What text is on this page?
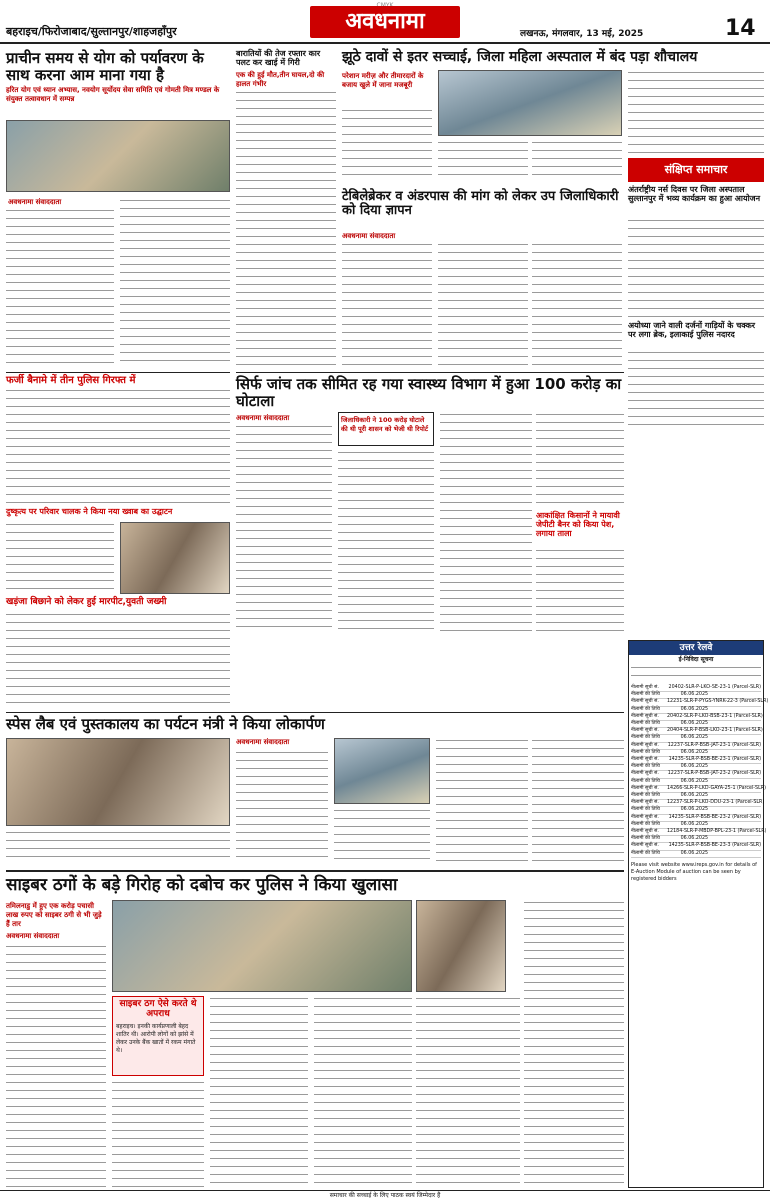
बहराइच/फिरोजाबाद/सुल्तानपुर/शाहजहाँपुर	अवधनामा	लखनऊ, मंगलवार, 13 मई, 2025	14
प्राचीन समय से योग को पर्यावरण के साथ करना आम माना गया है
हरित योग एवं ध्यान अभ्यास, नवयोग सूर्योदय सेवा समिति एवं गोमती मित्र मण्डल के संयुक्त तत्वावधान में सम्पन्न
अवधनामा संवाददाता
बारातियों की तेज रफ्तार कार पलट कर खाई में गिरी
एक की हुई मौत,तीन घायल,दो की हालत गंभीर
झूठे दावों से इतर सच्चाई, जिला महिला अस्पताल में बंद पड़ा शौचालय
परेशान मरीज़ और तीमारदारों के बजाय खुले में जाना मजबूरी
संक्षिप्त समाचार
अंतर्राष्ट्रीय नर्स दिवस पर जिला अस्पताल सुल्तानपुर में भव्य कार्यक्रम का हुआ आयोजन
अयोध्या जाने वाली दर्जनों गाड़ियों के चक्कर पर लगा ब्रेक, इलाकाई पुलिस नदारद
टेबिलेब्रेकर व अंडरपास की मांग को लेकर उप जिलाधिकारी को दिया ज्ञापन
अवधनामा संवाददाता
फर्जी बैनामे में तीन पुलिस गिरफ्त में
दुष्कृत्य पर परिवार चालक ने किया नया ख्वाब का उद्घाटन
खड़ंजा बिछाने को लेकर हुई मारपीट,युवती जख्मी
सिर्फ जांच तक सीमित रह गया स्वास्थ्य विभाग में हुआ 100 करोड़ का घोटाला
अवधनामा संवाददाता	जिलाधिकारी ने 100 करोड़ घोटाले की थी पूरी शासन को भेजी थी रिपोर्ट
आकांक्षित किसानों ने मायावी जेपीटी बैनर को किया पेश, लगाया ताला
उत्तर रेलवे
ई-निविदा सूचना
नीलामी सूची सं.	20402-SLR-P-LKO-SE-23-1 (Parcel-SLR)
नीलामी की तिथि	06.06.2025
नीलामी सूची सं.	12231-SLR-P-PYGS-YNRK-22-3 (Parcel-SLR)
नीलामी की तिथि	06.06.2025
नीलामी सूची सं.	20402-SLR-P-LKO-BSB-23-1 (Parcel-SLR)
नीलामी की तिथि	06.06.2025
नीलामी सूची सं.	20404-SLR-P-BSB-LKO-23-1 (Parcel-SLR)
नीलामी की तिथि	06.06.2025
नीलामी सूची सं.	12237-SLR-P-BSB-JAT-23-1 (Parcel-SLR)
नीलामी की तिथि	06.06.2025
नीलामी सूची सं.	14235-SLR-P-BSB-BE-23-1 (Parcel-SLR)
नीलामी की तिथि	06.06.2025
नीलामी सूची सं.	12237-SLR-P-BSB-JAT-23-2 (Parcel-SLR)
नीलामी की तिथि	06.06.2025
नीलामी सूची सं.	14266-SLR-P-LKD-GAYA-25-1 (Parcel-SLR)
नीलामी की तिथि	06.06.2025
नीलामी सूची सं.	12237-SLR-P-LKO-DDU-23-1 (Parcel-SLR)
नीलामी की तिथि	06.06.2025
नीलामी सूची सं.	14235-SLR-P-BSB-BE-23-2 (Parcel-SLR)
नीलामी की तिथि	06.06.2025
नीलामी सूची सं.	12184-SLR-P-MBDP-BPL-23-1 (Parcel-SLR)
नीलामी की तिथि	06.06.2025
नीलामी सूची सं.	14235-SLR-P-BSB-BE-23-3 (Parcel-SLR)
नीलामी की तिथि	06.06.2025
Please visit website www.ireps.gov.in for details of E-Auction Module of auction can be seen by registered bidders
स्पेस लैब एवं पुस्तकालय का पर्यटन मंत्री ने किया लोकार्पण
अवधनामा संवाददाता
साइबर ठगों के बड़े गिरोह को दबोच कर पुलिस ने किया खुलासा
तमिलनाडु में हुए एक करोड़ पचासी लाख रुपए को साइबर ठगी से भी जुड़े हैं तार
अवधनामा संवाददाता
साइबर ठग ऐसे करते थे अपराध
बहराइच। इनकी कार्यप्रणाली बेहद शातिर थी। आरोपी लोगों को झांसे में लेकर उनके बैंक खातों में रकम मंगाते थे।
समाचार की सच्चाई के लिए पाठक स्वयं जिम्मेदार हैं
